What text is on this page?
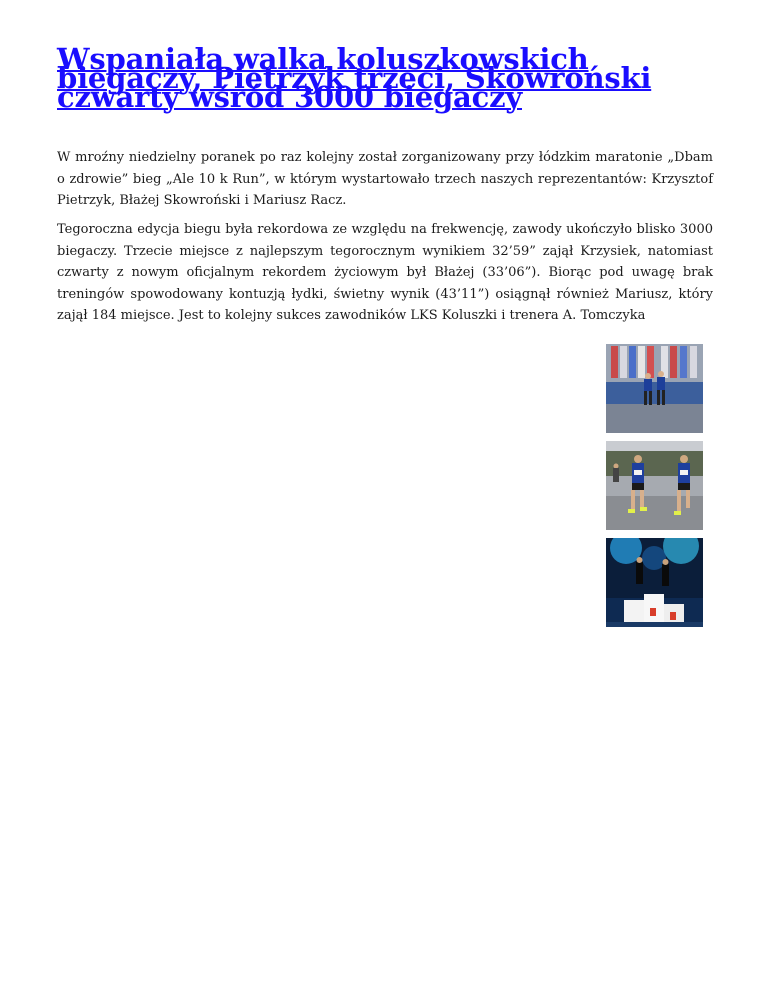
Wspaniała walka koluszkowskich biegaczy, Pietrzyk trzeci, Skowroński czwarty wśród 3000 biegaczy

W mroźny niedzielny poranek po raz kolejny został zorganizowany przy łódzkim maratonie „Dbam o zdrowie” bieg „Ale 10 k Run”, w którym wystartowało trzech naszych reprezentantów: Krzysztof Pietrzyk, Błażej Skowroński i Mariusz Racz.

Tegoroczna edycja biegu była rekordowa ze względu na frekwencję, zawody ukończyło blisko 3000 biegaczy. Trzecie miejsce z najlepszym tegorocznym wynikiem 32’59” zajął Krzysiek, natomiast czwarty z nowym oficjalnym rekordem życiowym był Błażej (33’06”). Biorąc pod uwagę brak treningów spowodowany kontuzją łydki, świetny wynik (43’11”) osiągnął również Mariusz, który zajął 184 miejsce. Jest to kolejny sukces zawodników LKS Koluszki i trenera A. Tomczyka
